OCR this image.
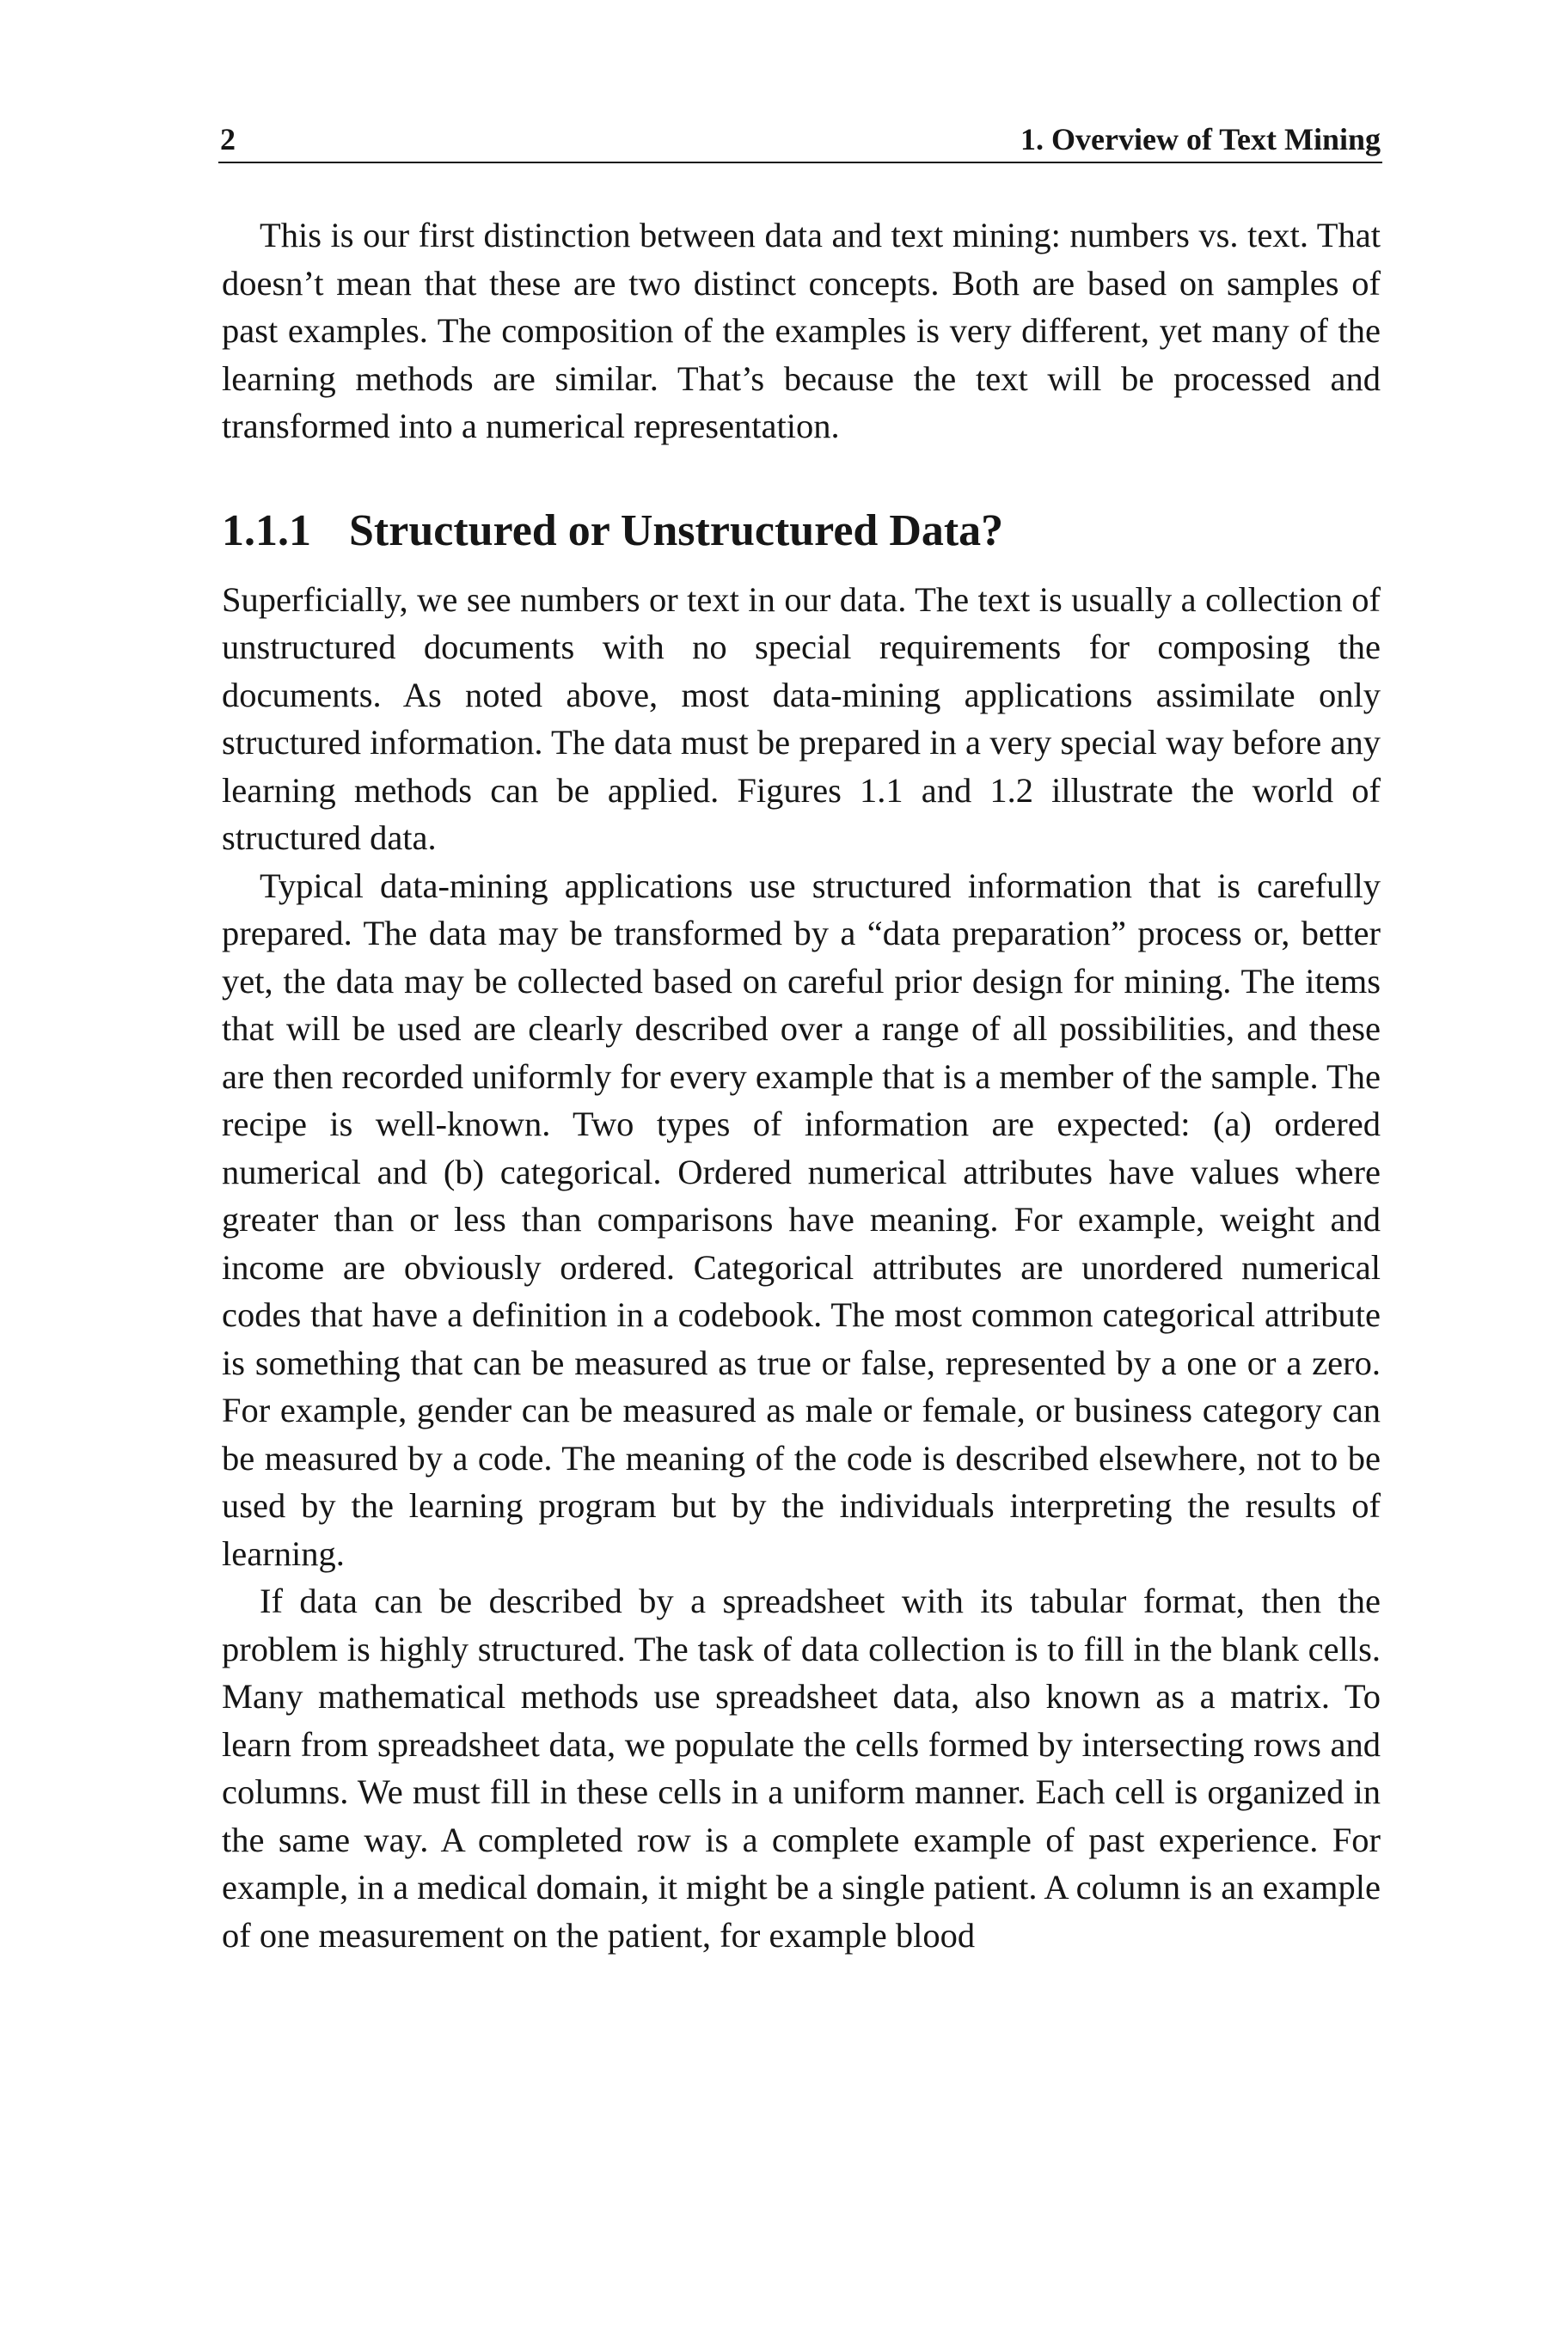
2	1. Overview of Text Mining

This is our first distinction between data and text mining: numbers vs. text. That doesn’t mean that these are two distinct concepts. Both are based on samples of past examples. The composition of the examples is very different, yet many of the learning methods are similar. That’s because the text will be processed and transformed into a numerical representation.

1.1.1 Structured or Unstructured Data?

Superficially, we see numbers or text in our data. The text is usually a collection of unstructured documents with no special requirements for composing the documents. As noted above, most data-mining applications assimilate only structured information. The data must be prepared in a very special way before any learning methods can be applied. Figures 1.1 and 1.2 illustrate the world of structured data.

Typical data-mining applications use structured information that is carefully prepared. The data may be transformed by a “data preparation” process or, better yet, the data may be collected based on careful prior design for mining. The items that will be used are clearly described over a range of all possibilities, and these are then recorded uniformly for every example that is a member of the sample. The recipe is well-known. Two types of information are expected: (a) ordered numerical and (b) categorical. Ordered numerical attributes have values where greater than or less than comparisons have meaning. For example, weight and income are obviously ordered. Categorical attributes are unordered numerical codes that have a definition in a codebook. The most common categorical attribute is something that can be measured as true or false, represented by a one or a zero. For example, gender can be measured as male or female, or business category can be measured by a code. The meaning of the code is described elsewhere, not to be used by the learning program but by the individuals interpreting the results of learning.

If data can be described by a spreadsheet with its tabular format, then the problem is highly structured. The task of data collection is to fill in the blank cells. Many mathematical methods use spreadsheet data, also known as a matrix. To learn from spreadsheet data, we populate the cells formed by intersecting rows and columns. We must fill in these cells in a uniform manner. Each cell is organized in the same way. A completed row is a complete example of past experience. For example, in a medical domain, it might be a single patient. A column is an example of one measurement on the patient, for example blood
